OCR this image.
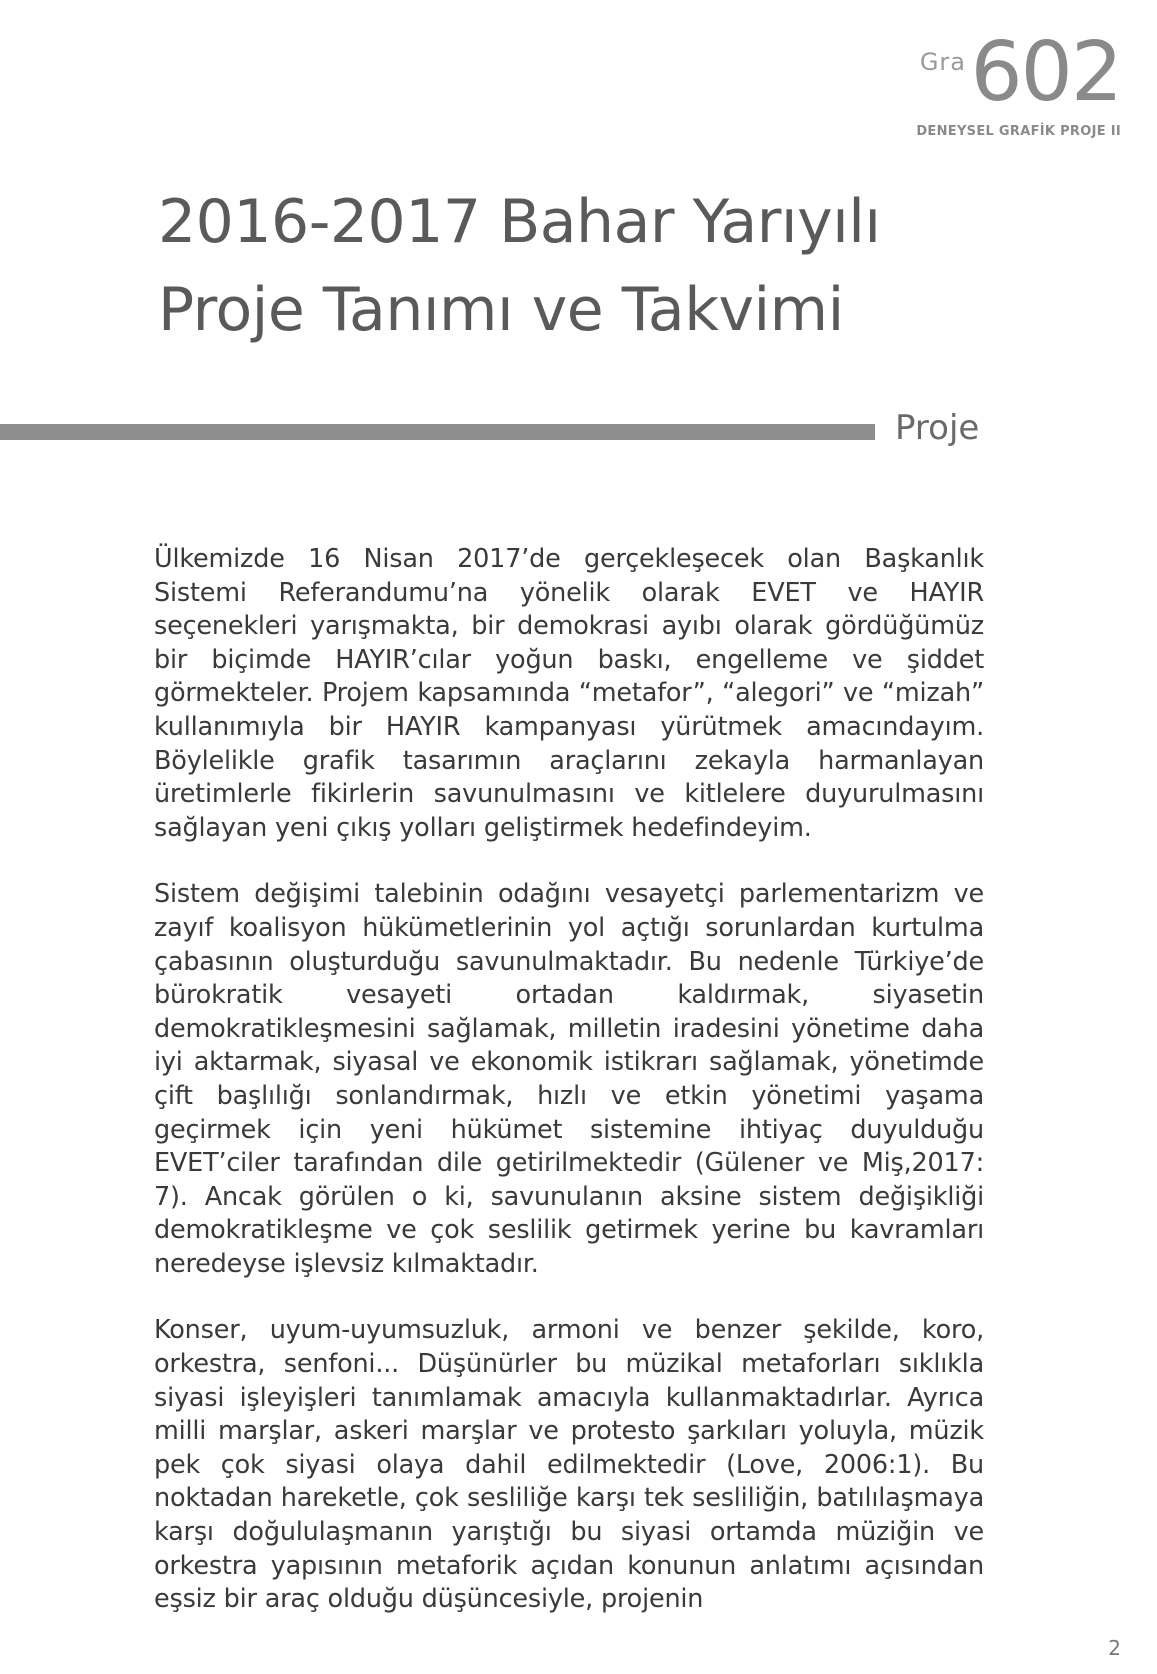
Gra 602
DENEYSEL GRAFİK PROJE II
2016-2017 Bahar Yarıyılı
Proje Tanımı ve Takvimi
Proje

Ülkemizde 16 Nisan 2017’de gerçekleşecek olan Başkanlık Sistemi Referandumu’na yönelik olarak EVET ve HAYIR seçenekleri yarışmakta, bir demokrasi ayıbı olarak gördüğümüz bir biçimde HAYIR’cılar yoğun baskı, engelleme ve şiddet görmekteler. Projem kapsamında “metafor”, “alegori” ve “mizah” kullanımıyla bir HAYIR kampanyası yürütmek amacındayım. Böylelikle grafik tasarımın araçlarını zekayla harmanlayan üretimlerle fikirlerin savunulmasını ve kitlelere duyurulmasını sağlayan yeni çıkış yolları geliştirmek hedefindeyim.

Sistem değişimi talebinin odağını vesayetçi parlementarizm ve zayıf koalisyon hükümetlerinin yol açtığı sorunlardan kurtulma çabasının oluşturduğu savunulmaktadır. Bu nedenle Türkiye’de bürokratik vesayeti ortadan kaldırmak, siyasetin demokratikleşmesini sağlamak, milletin iradesini yönetime daha iyi aktarmak, siyasal ve ekonomik istikrarı sağlamak, yönetimde çift başlılığı sonlandırmak, hızlı ve etkin yönetimi yaşama geçirmek için yeni hükümet sistemine ihtiyaç duyulduğu EVET’ciler tarafından dile getirilmektedir (Gülener ve Miş,2017: 7). Ancak görülen o ki, savunulanın aksine sistem değişikliği demokratikleşme ve çok seslilik getirmek yerine bu kavramları neredeyse işlevsiz kılmaktadır.

Konser, uyum-uyumsuzluk, armoni ve benzer şekilde, koro, orkestra, senfoni... Düşünürler bu müzikal metaforları sıklıkla siyasi işleyişleri tanımlamak amacıyla kullanmaktadırlar. Ayrıca milli marşlar, askeri marşlar ve protesto şarkıları yoluyla, müzik pek çok siyasi olaya dahil edilmektedir (Love, 2006:1). Bu noktadan hareketle, çok sesliliğe karşı tek sesliliğin, batılılaşmaya karşı doğululaşmanın yarıştığı bu siyasi ortamda müziğin ve orkestra yapısının metaforik açıdan konunun anlatımı açısından eşsiz bir araç olduğu düşüncesiyle, projenin

2
